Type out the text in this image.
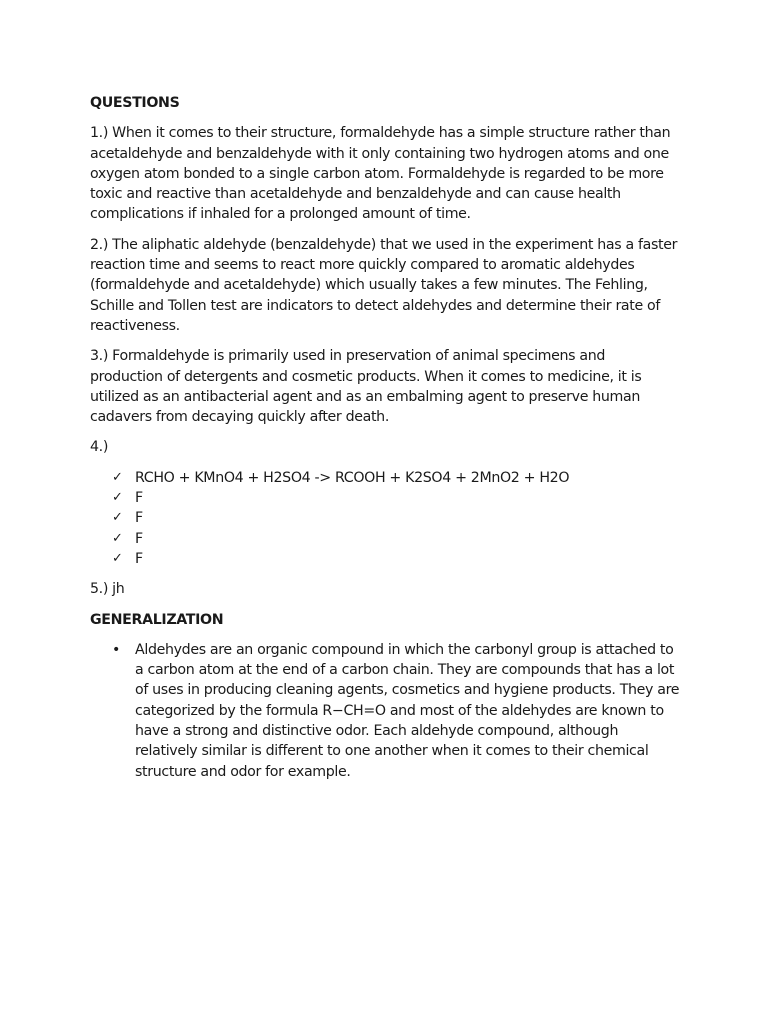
QUESTIONS

1.) When it comes to their structure, formaldehyde has a simple structure rather than acetaldehyde and benzaldehyde with it only containing two hydrogen atoms and one oxygen atom bonded to a single carbon atom. Formaldehyde is regarded to be more toxic and reactive than acetaldehyde and benzaldehyde and can cause health complications if inhaled for a prolonged amount of time.

2.) The aliphatic aldehyde (benzaldehyde) that we used in the experiment has a faster reaction time and seems to react more quickly compared to aromatic aldehydes (formaldehyde and acetaldehyde) which usually takes a few minutes. The Fehling, Schille and Tollen test are indicators to detect aldehydes and determine their rate of reactiveness.

3.) Formaldehyde is primarily used in preservation of animal specimens and production of detergents and cosmetic products. When it comes to medicine, it is utilized as an antibacterial agent and as an embalming agent to preserve human cadavers from decaying quickly after death.

4.)

✓ RCHO + KMnO4 + H2SO4 -> RCOOH + K2SO4 + 2MnO2 + H2O
✓ F
✓ F
✓ F
✓ F

5.) jh

GENERALIZATION
• Aldehydes are an organic compound in which the carbonyl group is attached to a carbon atom at the end of a carbon chain. They are compounds that has a lot of uses in producing cleaning agents, cosmetics and hygiene products. They are categorized by the formula R−CH=O and most of the aldehydes are known to have a strong and distinctive odor. Each aldehyde compound, although relatively similar is different to one another when it comes to their chemical structure and odor for example.
